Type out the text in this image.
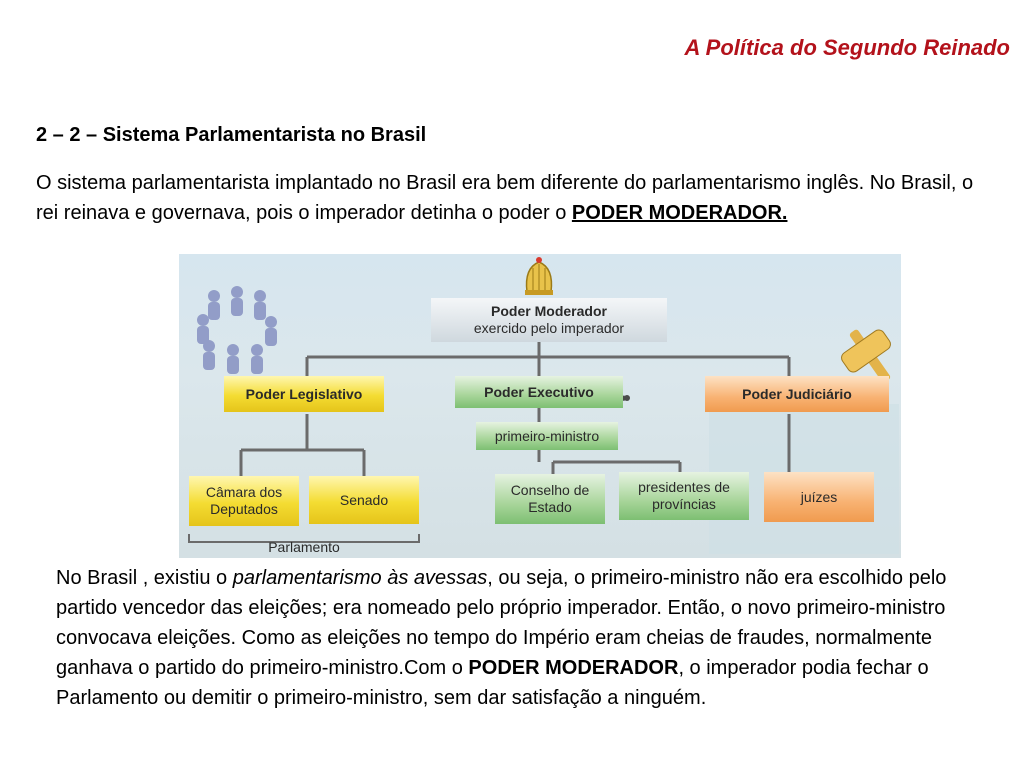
A Política do Segundo Reinado
2 – 2 – Sistema Parlamentarista no Brasil
O sistema parlamentarista implantado no Brasil era bem diferente do parlamentarismo inglês. No Brasil, o rei reinava e governava, pois o imperador detinha o poder o PODER MODERADOR.
Poder Moderador
exercido pelo imperador
Poder Legislativo	Poder Executivo	Poder Judiciário
primeiro-ministro
Câmara dos Deputados
Senado
Conselho de Estado
presidentes de províncias	juízes
Parlamento
No Brasil , existiu o parlamentarismo às avessas, ou seja, o primeiro-ministro não era escolhido pelo partido vencedor das eleições; era nomeado pelo próprio imperador. Então, o novo primeiro-ministro convocava eleições. Como as eleições no tempo do Império eram cheias de fraudes, normalmente ganhava o partido do primeiro-ministro.Com o PODER MODERADOR, o imperador podia fechar o Parlamento ou demitir o primeiro-ministro, sem dar satisfação a ninguém.
